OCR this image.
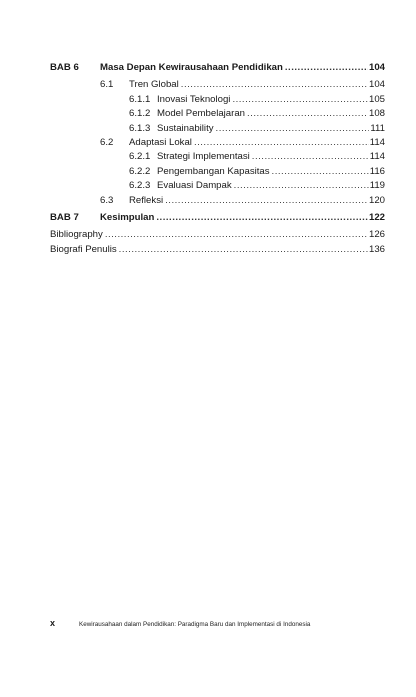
BAB 6	Masa Depan Kewirausahaan Pendidikan .....	104
6.1	Tren Global .....	104
6.1.1 Inovasi Teknologi .....	105
6.1.2 Model Pembelajaran .....	108
6.1.3 Sustainability .....	111
6.2	Adaptasi Lokal .....	114
6.2.1 Strategi Implementasi .....	114
6.2.2 Pengembangan Kapasitas .....	116
6.2.3 Evaluasi Dampak .....	119
6.3	Refleksi .....	120
BAB 7	Kesimpulan .....	122
Bibliography .....	126
Biografi Penulis .....	136
x	Kewirausahaan dalam Pendidikan: Paradigma Baru dan Implementasi di Indonesia
